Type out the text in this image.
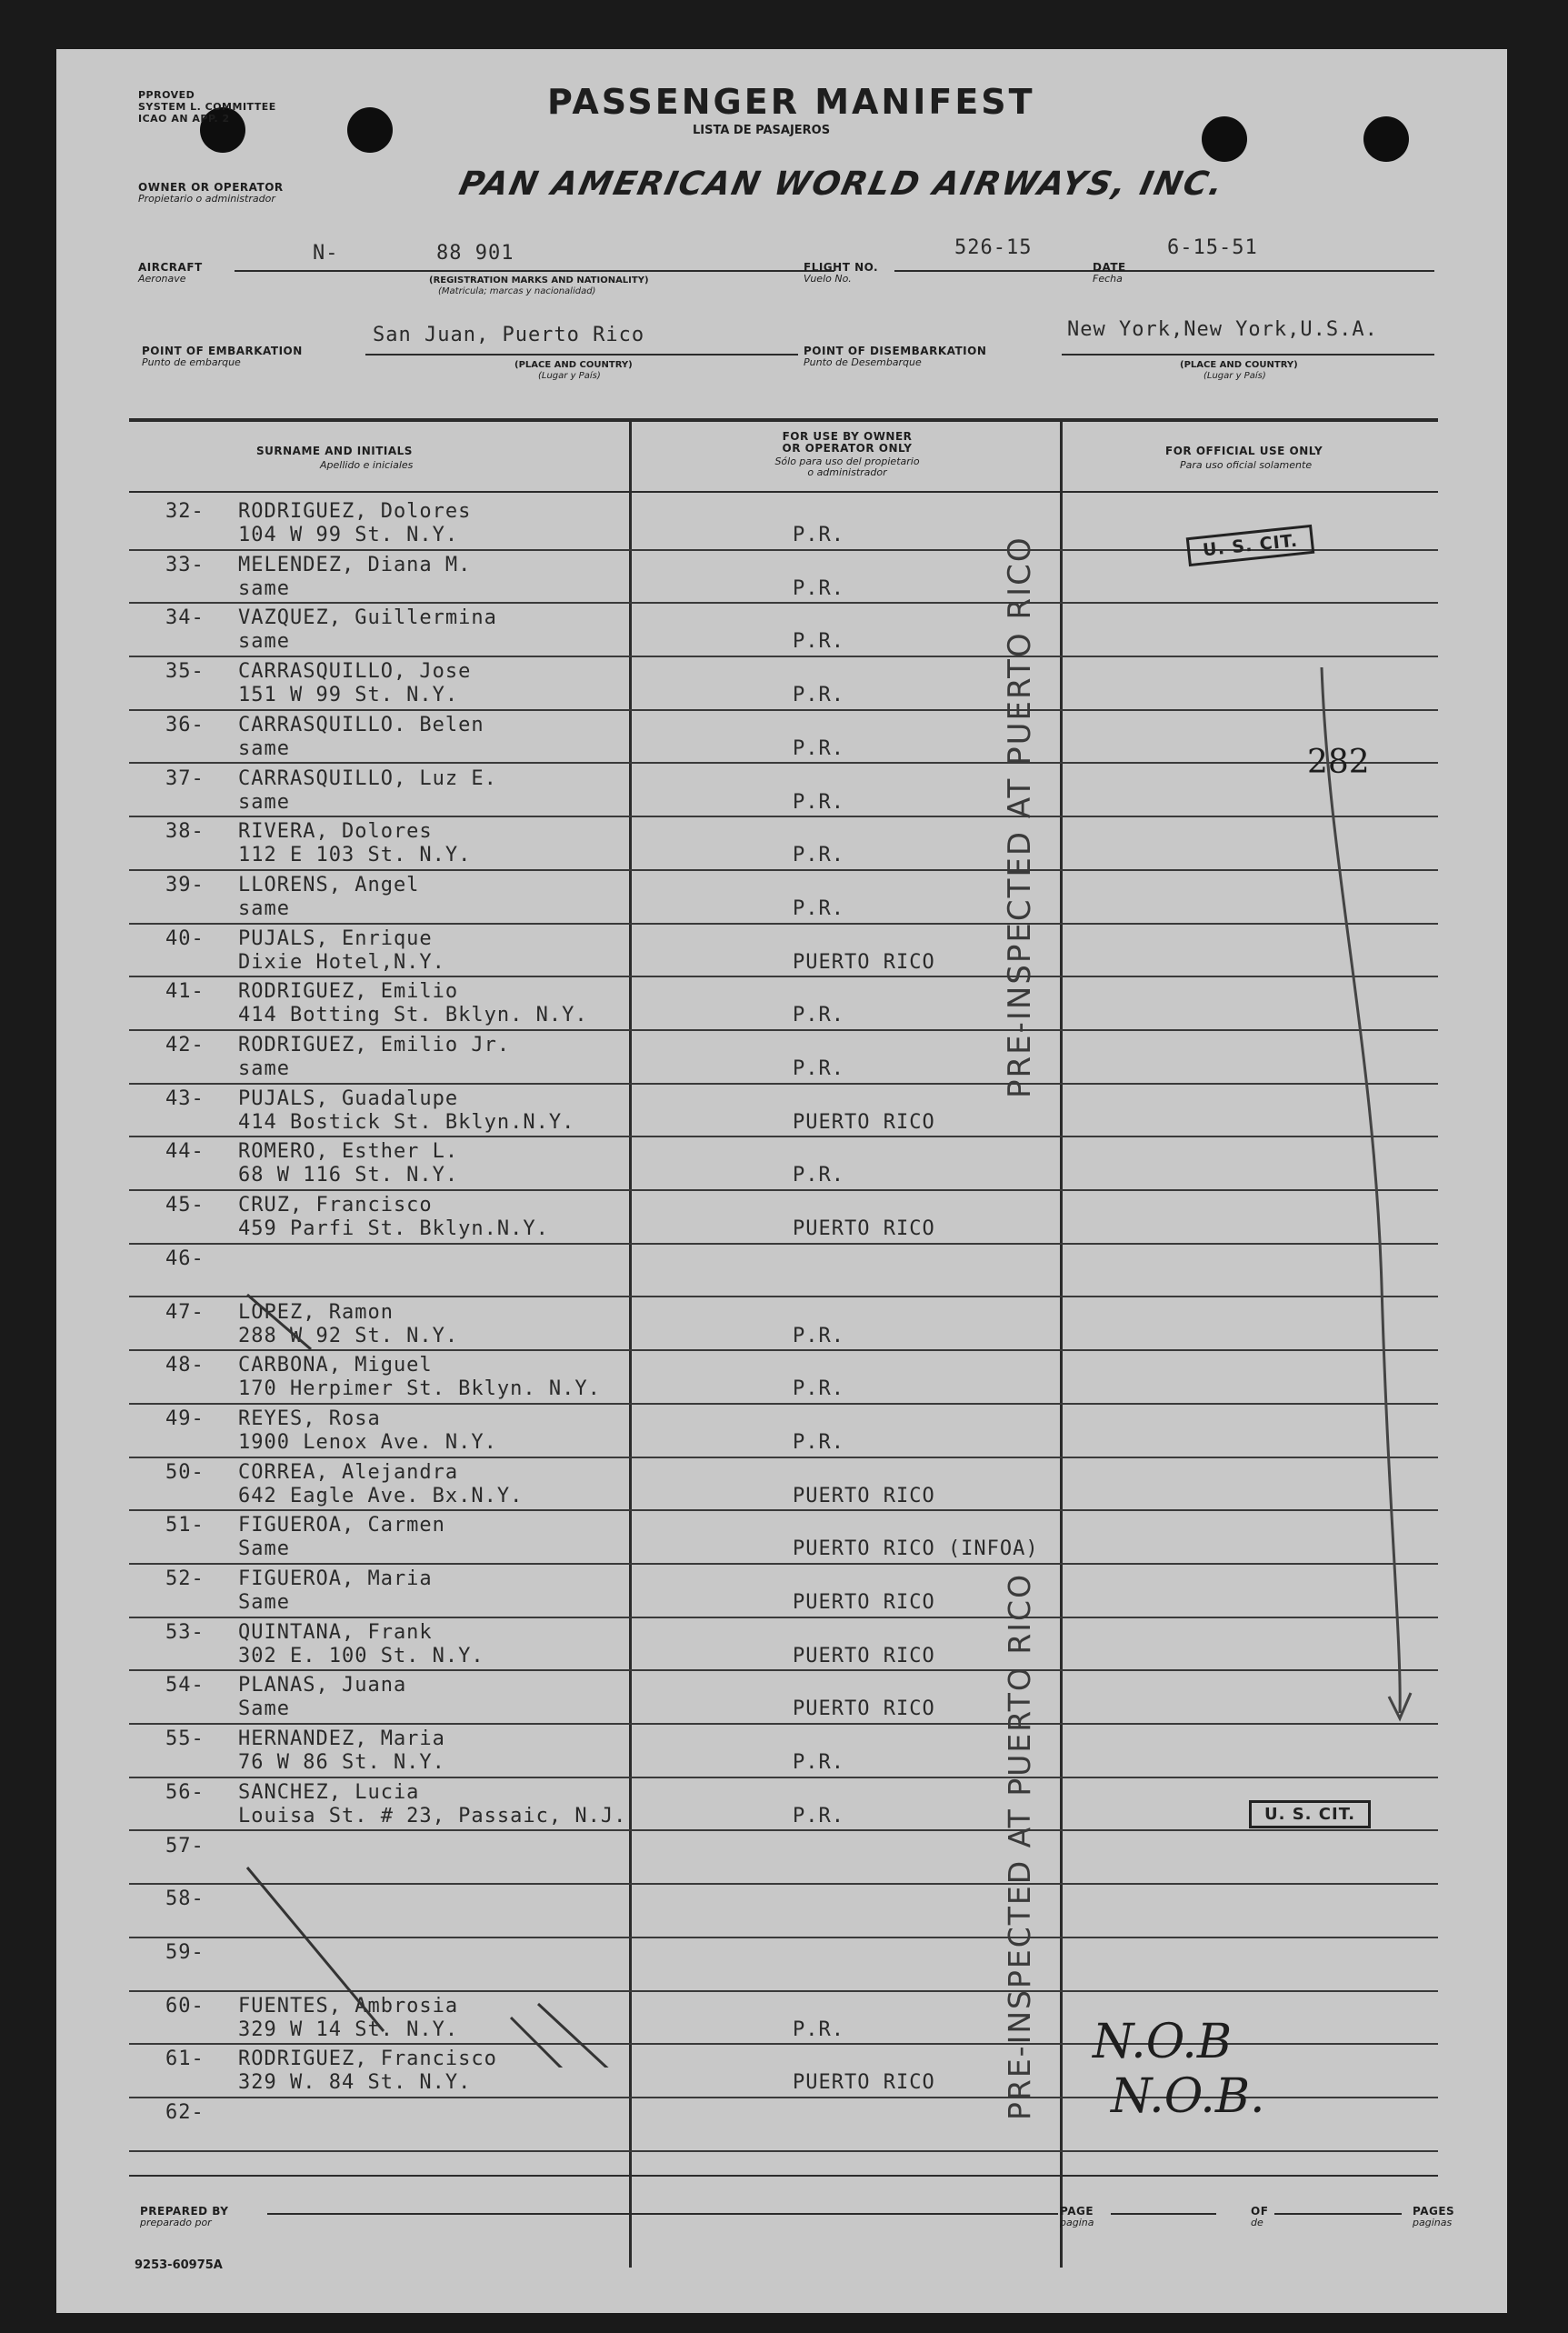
PPROVED
SYSTEM L. COMMITTEE
ICAO AN APP. 2	PASSENGER MANIFEST
LISTA DE PASAJEROS
OWNER OR OPERATOR
Propietario o administrador	PAN AMERICAN WORLD AIRWAYS, INC.
AIRCRAFT
Aeronave
N-	88 901
(REGISTRATION MARKS AND NATIONALITY)
(Matricula; marcas y nacionalidad)
FLIGHT NO.
Vuelo No.
526-15
DATE
Fecha
6-15-51
POINT OF EMBARKATION
Punto de embarque
San Juan, Puerto Rico
(PLACE AND COUNTRY)
(Lugar y País)
POINT OF DISEMBARKATION
Punto de Desembarque
New York,New York,U.S.A.
(PLACE AND COUNTRY)
(Lugar y País)
SURNAME AND INITIALS
Apellido e iniciales
FOR USE BY OWNER
OR OPERATOR ONLY
Sólo para uso del propietario
o administrador
FOR OFFICIAL USE ONLY
Para uso oficial solamente
32- RODRIGUEZ, Dolores
104 W 99 St. N.Y.	P.R.
33- MELENDEZ, Diana M.
same	P.R.
34- VAZQUEZ, Guillermina
same	P.R.
35- CARRASQUILLO, Jose
151 W 99 St. N.Y.	P.R.
36- CARRASQUILLO. Belen
same	P.R.
37- CARRASQUILLO, Luz E.
same	P.R.
38- RIVERA, Dolores
112 E 103 St. N.Y.	P.R.
39- LLORENS, Angel
same	P.R.
40- PUJALS, Enrique
Dixie Hotel,N.Y.	PUERTO RICO
41- RODRIGUEZ, Emilio
414 Botting St. Bklyn. N.Y.	P.R.
42- RODRIGUEZ, Emilio Jr.
same	P.R.
43- PUJALS, Guadalupe
414 Bostick St. Bklyn.N.Y.	PUERTO RICO
44- ROMERO, Esther L.
68 W 116 St. N.Y.	P.R.
45- CRUZ, Francisco
459 Parfi St. Bklyn.N.Y.	PUERTO RICO
46-
47- LOPEZ, Ramon
288 W 92 St. N.Y.	P.R.
48- CARBONA, Miguel
170 Herpimer St. Bklyn. N.Y.	P.R.
49- REYES, Rosa
1900 Lenox Ave. N.Y.	P.R.
50- CORREA, Alejandra
642 Eagle Ave. Bx.N.Y.	PUERTO RICO
51- FIGUEROA, Carmen
Same	PUERTO RICO (INFOA)
52- FIGUEROA, Maria
Same	PUERTO RICO
53- QUINTANA, Frank
302 E. 100 St. N.Y.	PUERTO RICO
54- PLANAS, Juana
Same	PUERTO RICO
55- HERNANDEZ, Maria
76 W 86 St. N.Y.	P.R.
56- SANCHEZ, Lucia
Louisa St. # 23, Passaic, N.J.	P.R.
57-
58-
59-
60- FUENTES, Ambrosia
329 W 14 St. N.Y.	P.R.
61- RODRIGUEZ, Francisco
329 W. 84 St. N.Y.	PUERTO RICO
62-
U. S. CIT.
U. S. CIT.
282
PRE-INSPECTED AT PUERTO RICO
PRE-INSPECTED AT PUERTO RICO N.O.B
N.O.B.
PREPARED BY
preparado por
PAGE
pagina
OF
de
PAGES
paginas
9253-60975A
